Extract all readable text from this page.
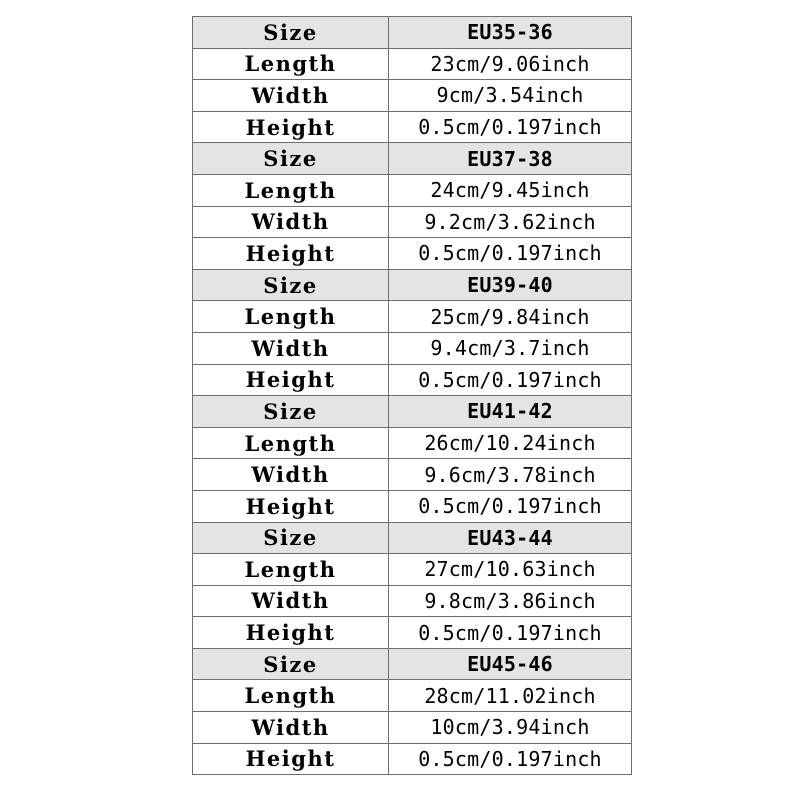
Size	EU35-36
Length	23cm/9.06inch
Width	9cm/3.54inch
Height	0.5cm/0.197inch
Size	EU37-38
Length	24cm/9.45inch
Width	9.2cm/3.62inch
Height	0.5cm/0.197inch
Size	EU39-40
Length	25cm/9.84inch
Width	9.4cm/3.7inch
Height	0.5cm/0.197inch
Size	EU41-42
Length	26cm/10.24inch
Width	9.6cm/3.78inch
Height	0.5cm/0.197inch
Size	EU43-44
Length	27cm/10.63inch
Width	9.8cm/3.86inch
Height	0.5cm/0.197inch
Size	EU45-46
Length	28cm/11.02inch
Width	10cm/3.94inch
Height	0.5cm/0.197inch
